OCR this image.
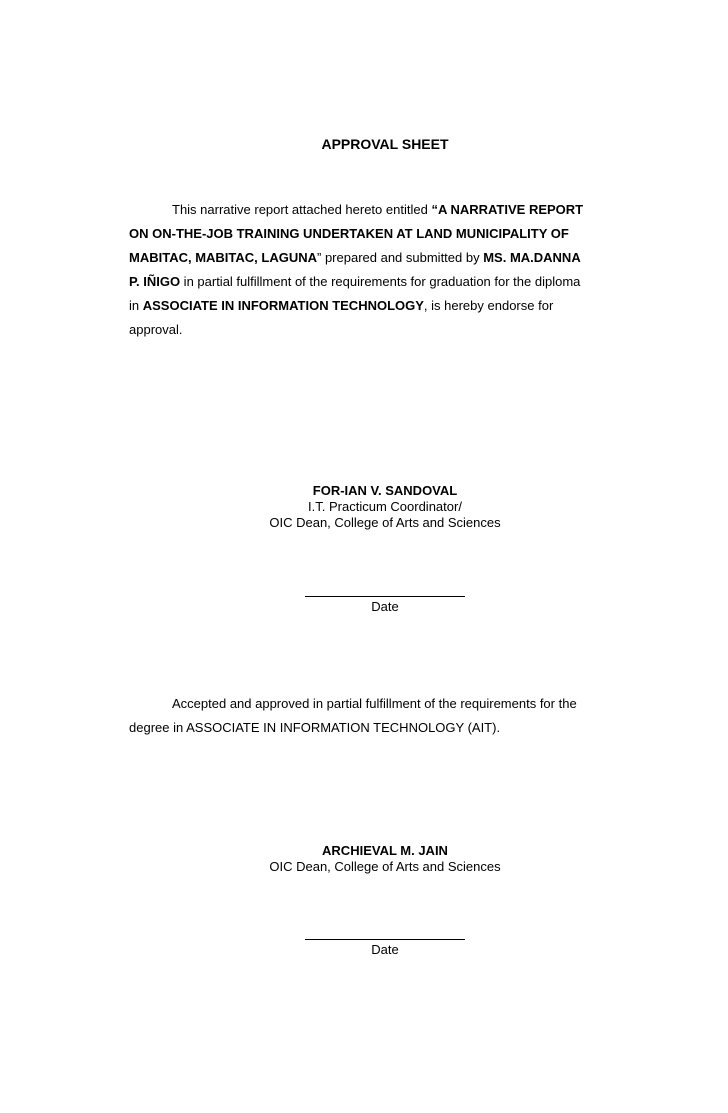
APPROVAL SHEET
This narrative report attached hereto entitled “A NARRATIVE REPORT
ON ON-THE-JOB TRAINING UNDERTAKEN AT LAND MUNICIPALITY OF
MABITAC, MABITAC, LAGUNA” prepared and submitted by MS. MA.DANNA
P. IÑIGO in partial fulfillment of the requirements for graduation for the diploma
in ASSOCIATE IN INFORMATION TECHNOLOGY, is hereby endorse for
approval.
FOR-IAN V. SANDOVAL
I.T. Practicum Coordinator/
OIC Dean, College of Arts and Sciences
Date
Accepted and approved in partial fulfillment of the requirements for the
degree in ASSOCIATE IN INFORMATION TECHNOLOGY (AIT).
ARCHIEVAL M. JAIN
OIC Dean, College of Arts and Sciences
Date
